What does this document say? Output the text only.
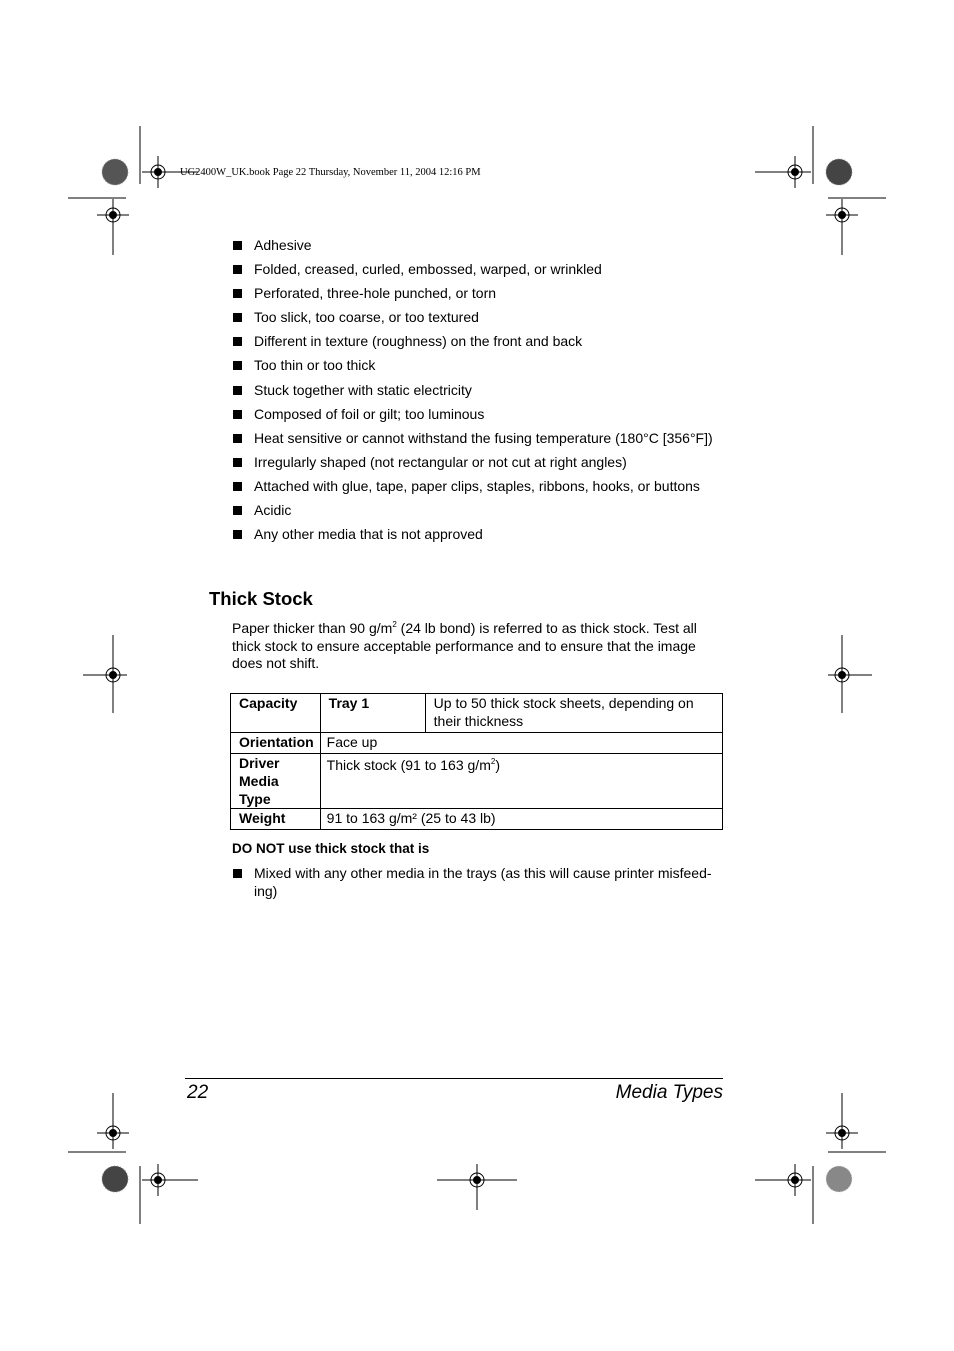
UG2400W_UK.book Page 22 Thursday, November 11, 2004 12:16 PM
Adhesive
Folded, creased, curled, embossed, warped, or wrinkled
Perforated, three-hole punched, or torn
Too slick, too coarse, or too textured
Different in texture (roughness) on the front and back
Too thin or too thick
Stuck together with static electricity
Composed of foil or gilt; too luminous
Heat sensitive or cannot withstand the fusing temperature (180°C [356°F])
Irregularly shaped (not rectangular or not cut at right angles)
Attached with glue, tape, paper clips, staples, ribbons, hooks, or buttons
Acidic
Any other media that is not approved
Thick Stock
Paper thicker than 90 $g/m^2$ (24 lb bond) is referred to as thick stock. Test all thick stock to ensure acceptable performance and to ensure that the image does not shift.
Capacity	Tray 1	Up to 50 thick stock sheets, depending on their thickness
Orientation	Face up	
Driver Media Type	Thick stock (91 to 163 $g/m^2$)	
Weight	91 to 163 g/m² (25 to 43 lb)	
DO NOT use thick stock that is
Mixed with any other media in the trays (as this will cause printer misfeed-ing)
22	Media Types
